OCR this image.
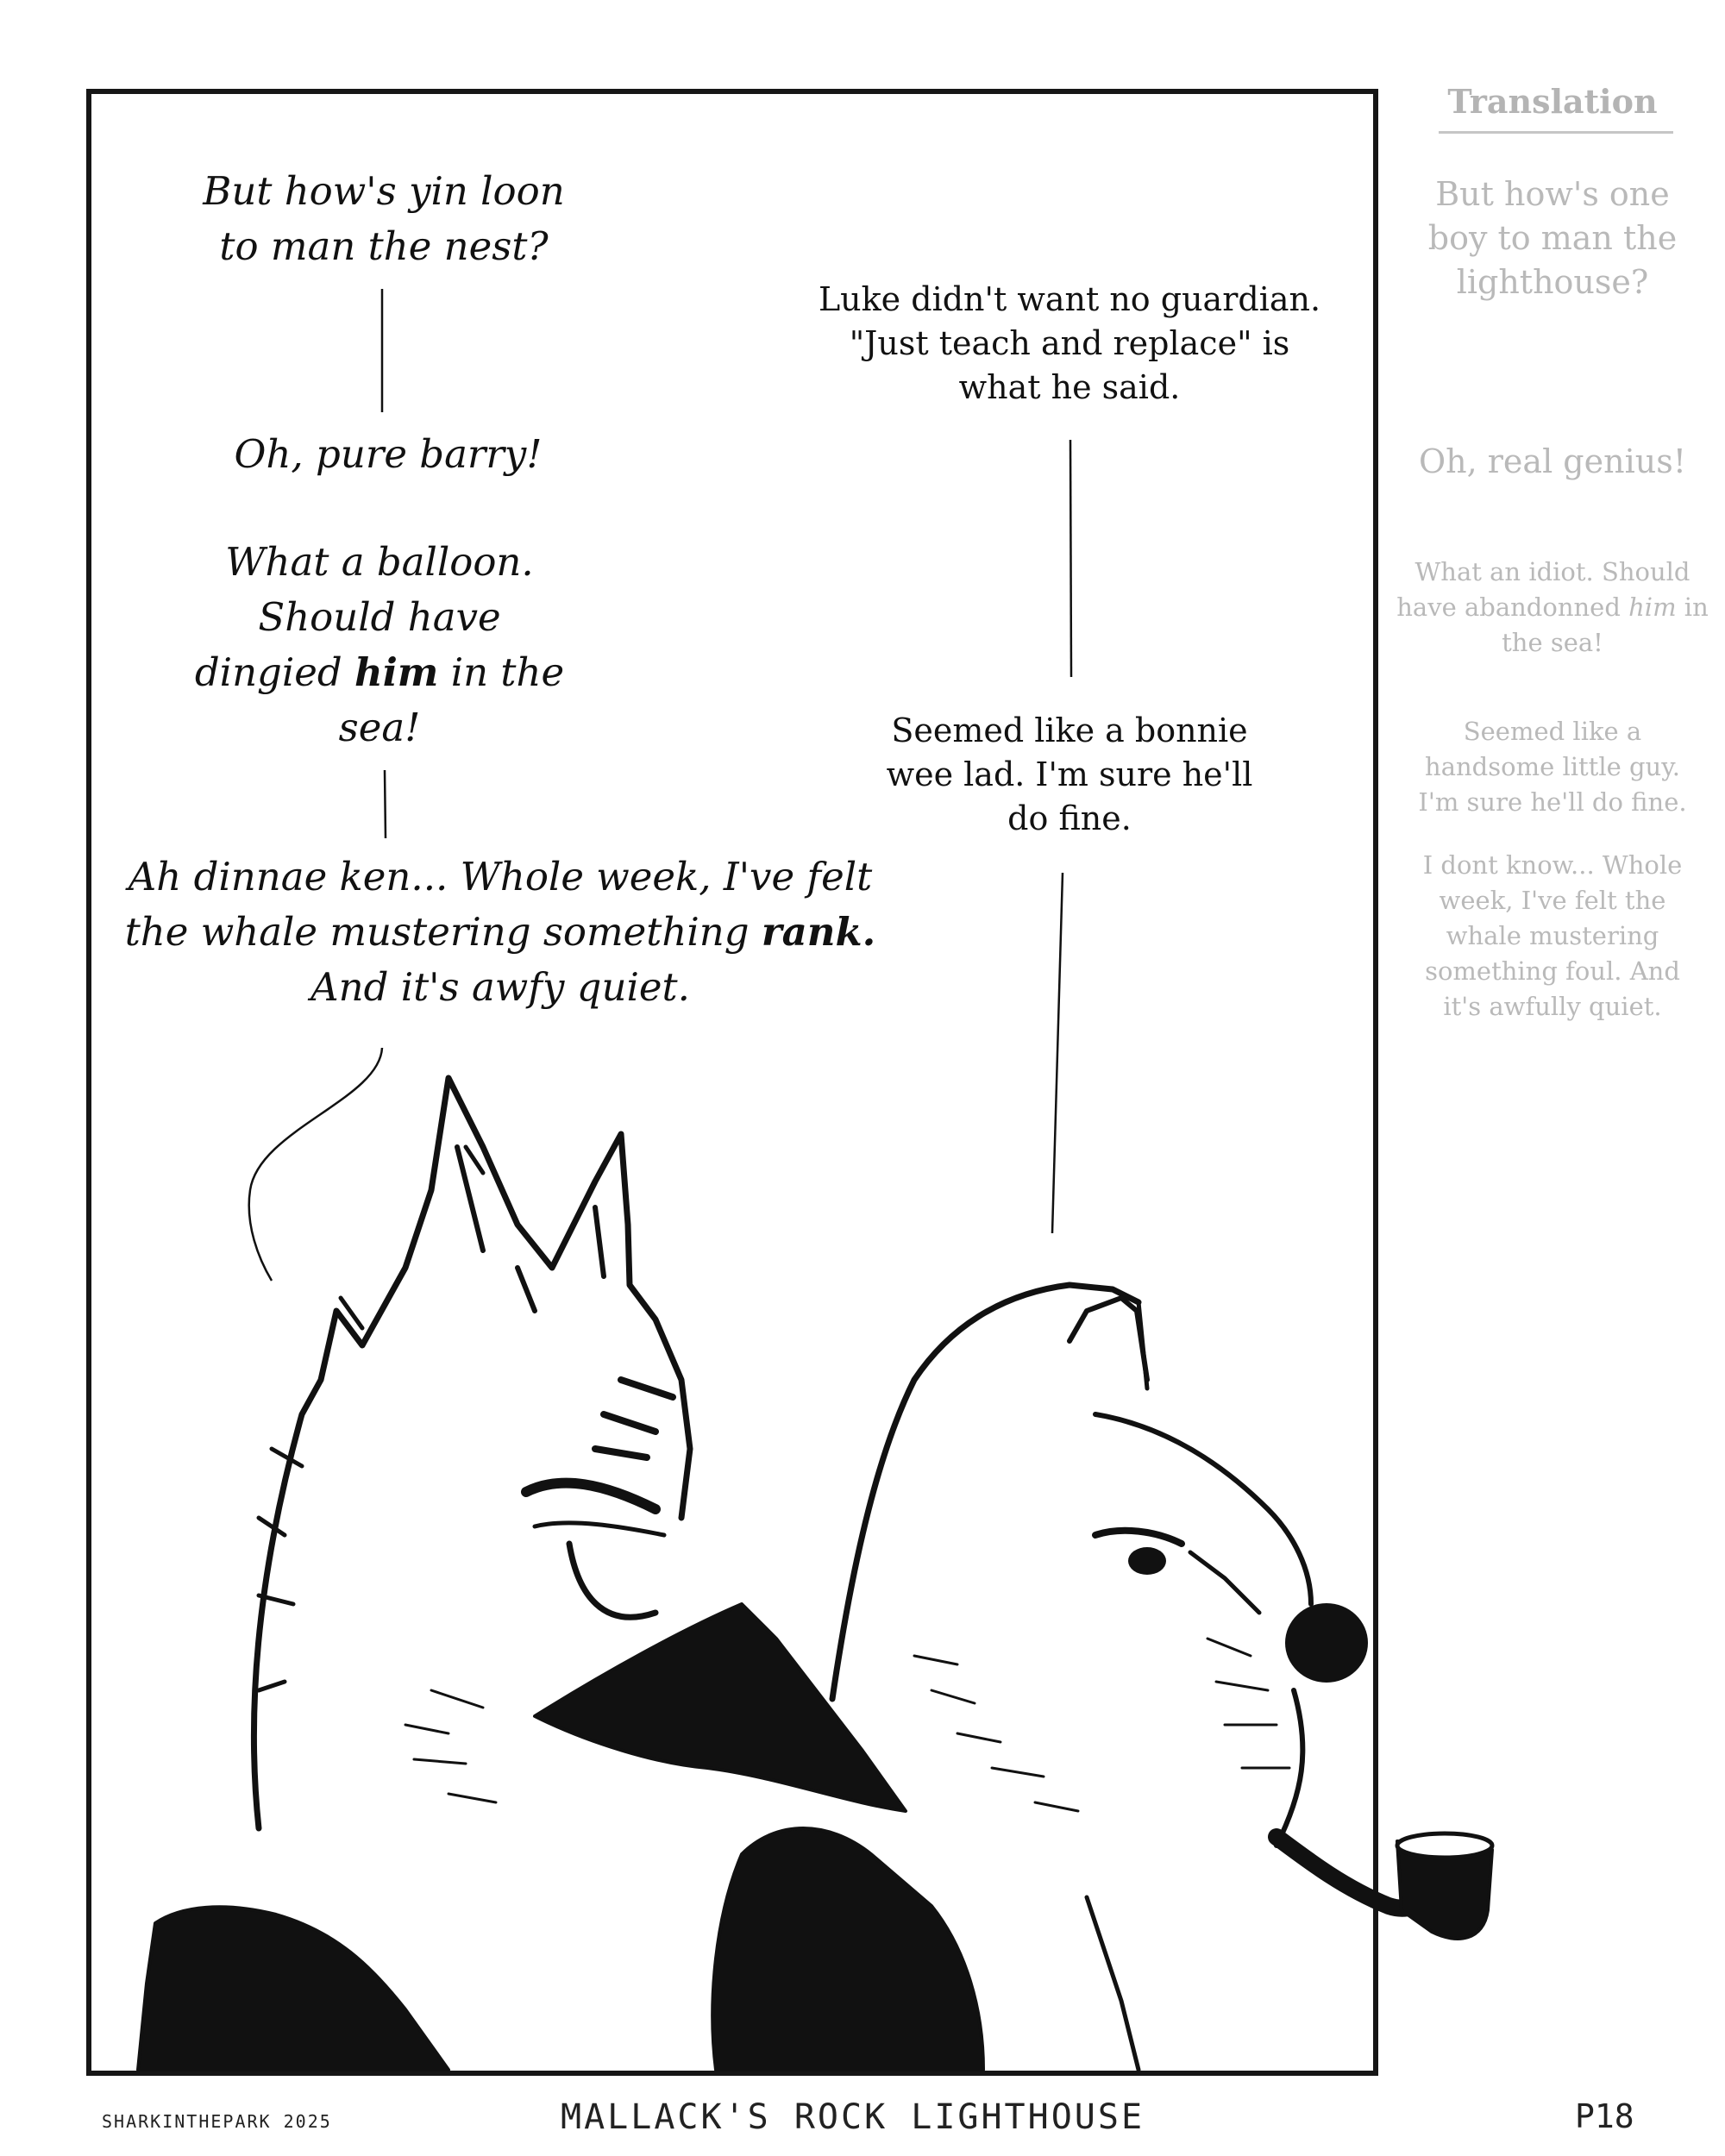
But how's yin loon to man the nest?
Oh, pure barry!
What a balloon. Should have dingied him in the sea!
Ah dinnae ken... Whole week, I've felt the whale mustering something rank. And it's awfy quiet.
Luke didn't want no guardian. "Just teach and replace" is what he said.
Seemed like a bonnie wee lad. I'm sure he'll do fine.
Translation
But how's one boy to man the lighthouse?
Oh, real genius!
What an idiot. Should have abandonned him in the sea!
Seemed like a handsome little guy. I'm sure he'll do fine.
I dont know... Whole week, I've felt the whale mustering something foul. And it's awfully quiet.
SHARKINTHEPARK 2025	MALLACK'S ROCK LIGHTHOUSE	P18
